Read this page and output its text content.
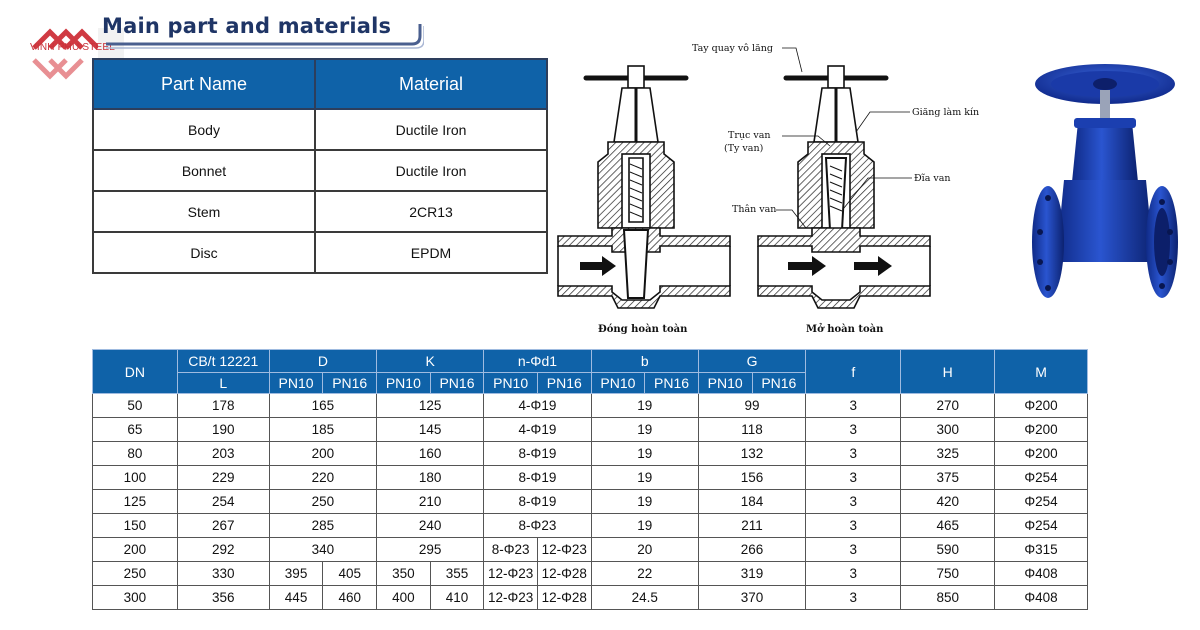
VINH PHU STEEL
Main part and materials
Part Name	Material
Body	Ductile Iron
Bonnet	Ductile Iron
Stem	2CR13
Disc	EPDM
Tay quay vô lăng
Giăng làm kín
Trục van
(Ty van)
Đĩa van
Thân van
Đóng hoàn toàn	Mở hoàn toàn
DN	CB/t 12221	D		K		n-Φd1		b		G		f	H	M
	L	PN10	PN16	PN10	PN16	PN10	PN16	PN10	PN16	PN10	PN16			
50	178	165		125		4-Φ19		19		99		3	270	Φ200
65	190	185		145		4-Φ19		19		118		3	300	Φ200
80	203	200		160		8-Φ19		19		132		3	325	Φ200
100	229	220		180		8-Φ19		19		156		3	375	Φ254
125	254	250		210		8-Φ19		19		184		3	420	Φ254
150	267	285		240		8-Φ23		19		211		3	465	Φ254
200	292	340		295		8-Φ23	12-Φ23	20		266		3	590	Φ315
250	330	395	405	350	355	12-Φ23	12-Φ28	22		319		3	750	Φ408
300	356	445	460	400	410	12-Φ23	12-Φ28	24.5		370		3	850	Φ408
